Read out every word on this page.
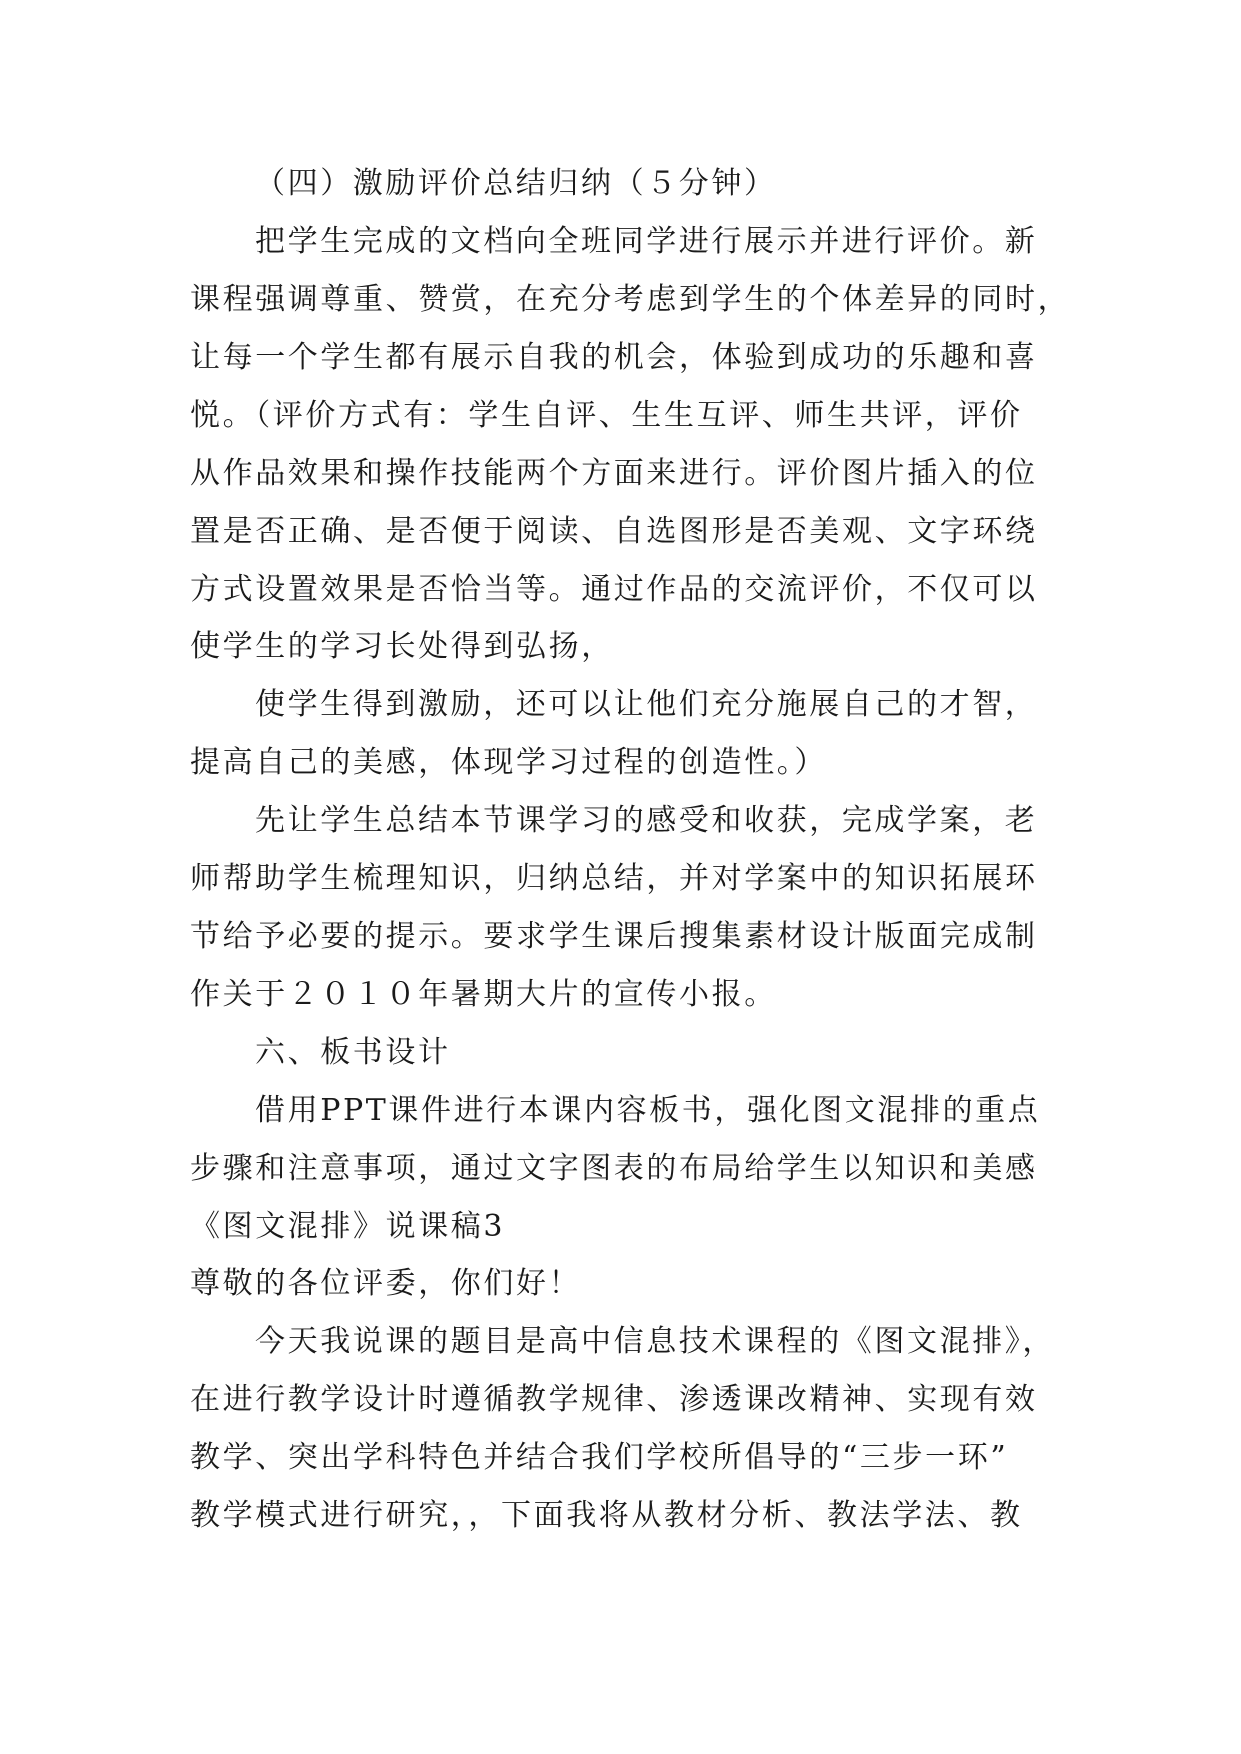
（四）激励评价总结归纳（５分钟）
把学生完成的文档向全班同学进行展示并进行评价。新
课程强调尊重、赞赏，在充分考虑到学生的个体差异的同时，
让每一个学生都有展示自我的机会，体验到成功的乐趣和喜
悦。（评价方式有：学生自评、生生互评、师生共评，评价
从作品效果和操作技能两个方面来进行。评价图片插入的位
置是否正确、是否便于阅读、自选图形是否美观、文字环绕
方式设置效果是否恰当等。通过作品的交流评价，不仅可以
使学生的学习长处得到弘扬，
使学生得到激励，还可以让他们充分施展自己的才智，
提高自己的美感，体现学习过程的创造性。）
先让学生总结本节课学习的感受和收获，完成学案，老
师帮助学生梳理知识，归纳总结，并对学案中的知识拓展环
节给予必要的提示。要求学生课后搜集素材设计版面完成制
作关于２０１０年暑期大片的宣传小报。
六、板书设计
借用PPT课件进行本课内容板书，强化图文混排的重点
步骤和注意事项，通过文字图表的布局给学生以知识和美感
《图文混排》说课稿3
尊敬的各位评委，你们好！
今天我说课的题目是高中信息技术课程的《图文混排》，
在进行教学设计时遵循教学规律、渗透课改精神、实现有效
教学、突出学科特色并结合我们学校所倡导的“三步一环”
教学模式进行研究，，下面我将从教材分析、教法学法、教
